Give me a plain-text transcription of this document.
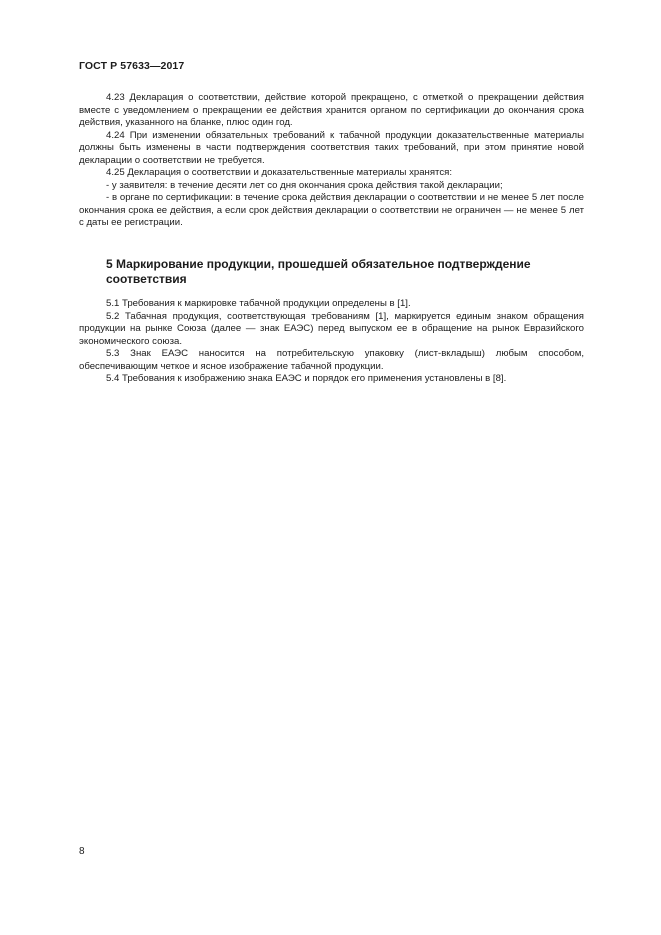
ГОСТ Р 57633—2017

4.23 Декларация о соответствии, действие которой прекращено, с отметкой о прекращении действия вместе с уведомлением о прекращении ее действия хранится органом по сертификации до окончания срока действия, указанного на бланке, плюс один год.

4.24 При изменении обязательных требований к табачной продукции доказательственные материалы должны быть изменены в части подтверждения соответствия таких требований, при этом принятие новой декларации о соответствии не требуется.

4.25 Декларация о соответствии и доказательственные материалы хранятся:

- у заявителя: в течение десяти лет со дня окончания срока действия такой декларации;

- в органе по сертификации: в течение срока действия декларации о соответствии и не менее 5 лет после окончания срока ее действия, а если срок действия декларации о соответствии не ограничен — не менее 5 лет с даты ее регистрации.

5 Маркирование продукции, прошедшей обязательное подтверждение соответствия

5.1 Требования к маркировке табачной продукции определены в [1].

5.2 Табачная продукция, соответствующая требованиям [1], маркируется единым знаком обращения продукции на рынке Союза (далее — знак ЕАЭС) перед выпуском ее в обращение на рынок Евразийского экономического союза.

5.3 Знак ЕАЭС наносится на потребительскую упаковку (лист-вкладыш) любым способом, обеспечивающим четкое и ясное изображение табачной продукции.

5.4 Требования к изображению знака ЕАЭС и порядок его применения установлены в [8].

8
